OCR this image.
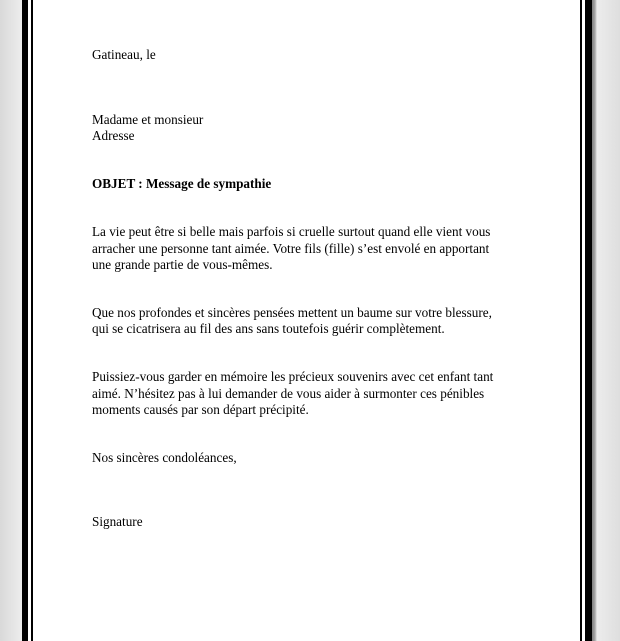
Gatineau, le
Madame et monsieur
Adresse
OBJET : Message de sympathie
La vie peut être si belle mais parfois si cruelle surtout quand elle vient vous
arracher une personne tant aimée. Votre fils (fille) s’est envolé en apportant
une grande partie de vous-mêmes.
Que nos profondes et sincères pensées mettent un baume sur votre blessure,
qui se cicatrisera au fil des ans sans toutefois guérir complètement.
Puissiez-vous garder en mémoire les précieux souvenirs avec cet enfant tant
aimé. N’hésitez pas à lui demander de vous aider à surmonter ces pénibles
moments causés par son départ précipité.
Nos sincères condoléances,
Signature
